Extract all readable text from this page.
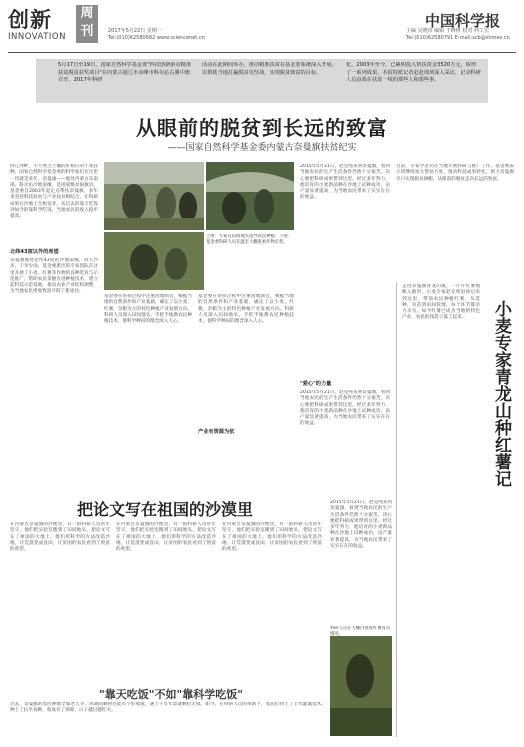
创新	周刊
INNOVATION
2017年5月22日 星期一
Tel:(010)62580682 www.sciencenet.cn
中国科学报
主编 吴晓章 编辑 王峰修 校对 何工宏
Tel:(010)62580791 E-mail:scb@stimes.cn
5月17日至19日，国家自然科学基金委"科技创新驱动精准扶贫脱贫获奖项目"在内蒙古通辽市赤峰市科尔沁右翼中旗召开。2017年科研
活动在此期间举办，推动精准扶贫在基金委系统深入开展，以帮助当地打赢脱贫攻坚战，实现脱贫致富的目标。
化，2003年至今，已累积投入帮扶资金3520万元，取得了一系列成果。本报特派记者赶赴现场深入采访，记录科研人员奋战在扶贫一线的那些人和那些事。
从眼前的脱贫到长远的致富
——国家自然科学基金委内蒙古奈曼旗扶贫纪实
西辽河畔，不不然乏土壤的好相应的小麦良种，国家自然科学基金委的科学家们在这里一待就是多年。奈曼旗——地处内蒙古东南部，科尔沁沙地南缘，是国家级贫困旗县。基金委自2003年起定点帮扶奈曼旗，多年来坚持科技扶贫与产业扶贫相结合，让科研成果在沙地上生根发芽。从过去的靠天吃饭到如今的靠科学吃饭，当地农民的收入稳步提高。
北纬43度以外的希望
奈曼旗地处北纬43度的沙地南缘，风大沙多，干旱少雨。基金委派出的专家团队在这里开展了小麦、红薯等作物的良种选育与示范推广，帮助农民掌握先进种植技术，建立起科技示范基地，推动农业产业结构调整，为当地农民增收致富开辟了新途径。
上图：专家在田间地头指导农民种植；下图：基金委科研人员在温室大棚查看作物长势。
基金委在帮扶过程中注重因地制宜，根据当地的自然条件和产业基础，确定了以小麦、红薯、杂粮为主的特色种植产业发展方向。科研人员深入田间地头，手把手地教农民种植技术，使科学种田的理念深入人心。
基金委在帮扶过程中注重因地制宜，根据当地的自然条件和产业基础，确定了以小麦、红薯、杂粮为主的特色种植产业发展方向。科研人员深入田间地头，手把手地教农民种植技术，使科学种田的理念深入人心。
产业有资源为依
2015年5月21日，赵克纯来到奈曼旗，看到当地农民的生产生活条件仍然十分艰苦，决心要把科研成果带到这里。经过多年努力，他培育的小麦新品种在沙地上试种成功，亩产量显著提高，为当地农民带来了实实在在的收益。
"爱心"的力量
2015年5月21日，赵克纯来到奈曼旗，看到当地农民的生产生活条件仍然十分艰苦，决心要把科研成果带到这里。经过多年努力，他培育的小麦新品种在沙地上试种成功，亩产量显著提高，为当地农民带来了实实在在的收益。
目前，专家学者仍在当地开展科研与推广工作，基金委表示将继续加大帮扶力度，推动科技成果转化，助力奈曼旗早日实现脱贫摘帽，从眼前的脱贫走向长远的致富。
小麦专家青龙山种红薯记
走进奈曼旗青龙山镇，一片片红薯地映入眼帘。小麦专家赵克纯退休后来到这里，带领农民种植红薯，从选种、育苗到田间管理，每个环节都亲力亲为。如今红薯已成为当地的特色产业，农民的钱袋子鼓了起来。
把论文写在祖国的沙漠里
在内蒙古奈曼旗的沙地里，有一群科研人员常年坚守，他们把实验室搬到了田间地头，把论文写在了祖国的大地上。他们用科学的方法改造沙地，让荒漠变成良田，让贫困的农民看到了致富的希望。
在内蒙古奈曼旗的沙地里，有一群科研人员常年坚守，他们把实验室搬到了田间地头，把论文写在了祖国的大地上。他们用科学的方法改造沙地，让荒漠变成良田，让贫困的农民看到了致富的希望。
在内蒙古奈曼旗的沙地里，有一群科研人员常年坚守，他们把实验室搬到了田间地头，把论文写在了祖国的大地上。他们用科学的方法改造沙地，让荒漠变成良田，让贫困的农民看到了致富的希望。
"靠天吃饭"不如"靠科学吃饭"
过去，奈曼旗的农民种地全靠老天爷，风调雨顺时还能有个好收成，遇上干旱年景就颗粒无收。如今，在科研人员的帮助下，农民们用上了节水灌溉技术，种上了抗旱良种，收成有了保障，日子越过越红火。
科研人员在大棚内查看红薯育苗情况。
2015年5月21日，赵克纯来到奈曼旗，看到当地农民的生产生活条件仍然十分艰苦，决心要把科研成果带到这里。经过多年努力，他培育的小麦新品种在沙地上试种成功，亩产量显著提高，为当地农民带来了实实在在的收益。
